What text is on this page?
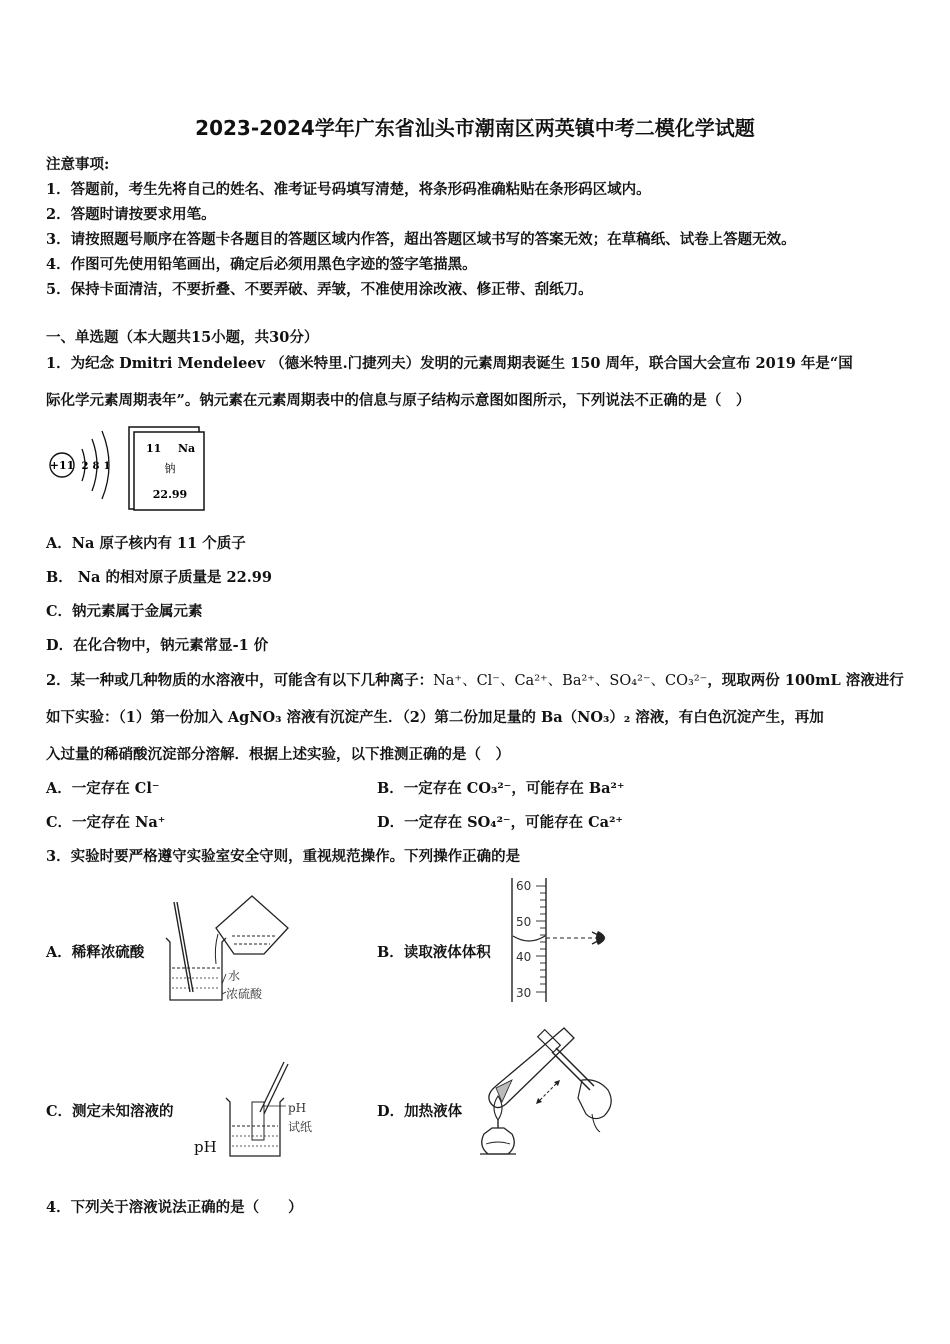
2023-2024学年广东省汕头市潮南区两英镇中考二模化学试题
注意事项:
1．答题前，考生先将自己的姓名、准考证号码填写清楚，将条形码准确粘贴在条形码区域内。
2．答题时请按要求用笔。
3．请按照题号顺序在答题卡各题目的答题区域内作答，超出答题区域书写的答案无效；在草稿纸、试卷上答题无效。
4．作图可先使用铅笔画出，确定后必须用黑色字迹的签字笔描黑。
5．保持卡面清洁，不要折叠、不要弄破、弄皱，不准使用涂改液、修正带、刮纸刀。
一、单选题（本大题共15小题，共30分）
1．为纪念 Dmitri Mendeleev （德米特里.门捷列夫）发明的元素周期表诞生 150 周年，联合国大会宣布 2019 年是“国
际化学元素周期表年”。钠元素在元素周期表中的信息与原子结构示意图如图所示，下列说法不正确的是（　）
+11 2 8 1
11 Na
钠
22.99
A．Na 原子核内有 11 个质子
B． Na 的相对原子质量是 22.99
C．钠元素属于金属元素
D．在化合物中，钠元素常显-1 价
2．某一种或几种物质的水溶液中，可能含有以下几种离子：Na⁺、Cl⁻、Ca²⁺、Ba²⁺、SO₄²⁻、CO₃²⁻，现取两份 100mL 溶液进行
如下实验：（1）第一份加入 AgNO₃ 溶液有沉淀产生．（2）第二份加足量的 Ba（NO₃）₂ 溶液，有白色沉淀产生，再加
入过量的稀硝酸沉淀部分溶解．根据上述实验，以下推测正确的是（　）
A．一定存在 Cl⁻	B．一定存在 CO₃²⁻，可能存在 Ba²⁺
C．一定存在 Na⁺	D．一定存在 SO₄²⁻，可能存在 Ca²⁺
3．实验时要严格遵守实验室安全守则，重视规范操作。下列操作正确的是
A．稀释浓硫酸
水
浓硫酸
B．读取液体体积
60
50
40
30
C．测定未知溶液的
pH
pH
试纸
D．加热液体
4．下列关于溶液说法正确的是（　　）
